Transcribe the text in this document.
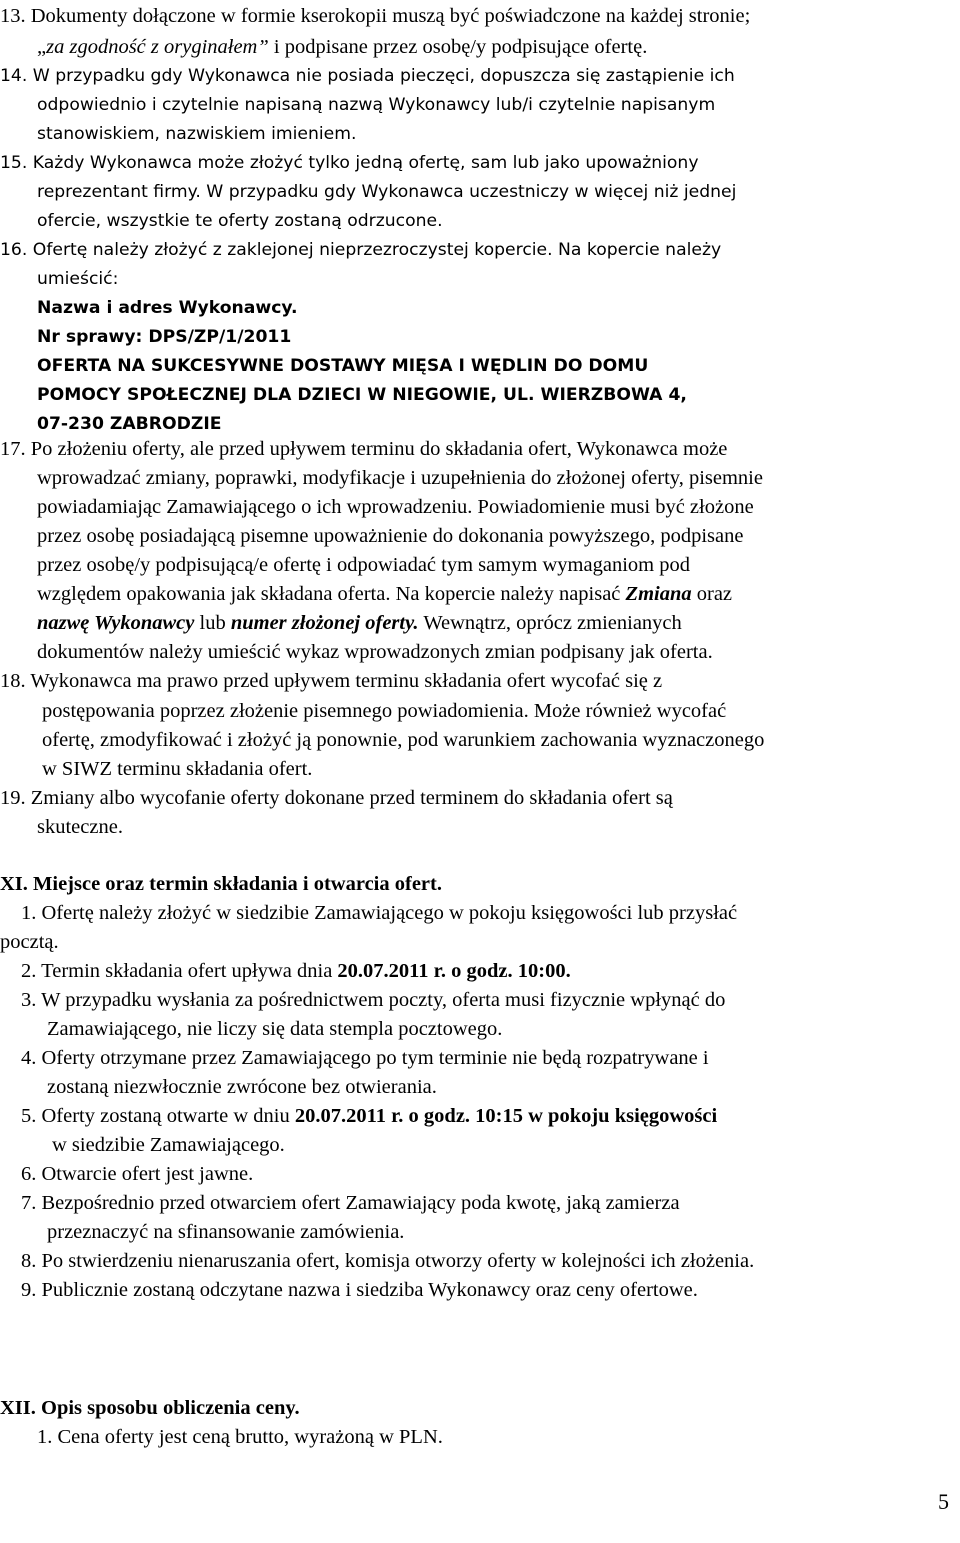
13. Dokumenty dołączone w formie kserokopii muszą być poświadczone na każdej stronie;
„za zgodność z oryginałem” i podpisane przez osobę/y podpisujące ofertę.
14. W przypadku gdy Wykonawca nie posiada pieczęci, dopuszcza się zastąpienie ich
odpowiednio i czytelnie napisaną nazwą Wykonawcy lub/i czytelnie napisanym
stanowiskiem, nazwiskiem imieniem.
15. Każdy Wykonawca może złożyć tylko jedną ofertę, sam lub jako upoważniony
reprezentant firmy. W przypadku gdy Wykonawca uczestniczy w więcej niż jednej
ofercie, wszystkie te oferty zostaną odrzucone.
16. Ofertę należy złożyć z zaklejonej nieprzezroczystej kopercie. Na kopercie należy
umieścić:
Nazwa i adres Wykonawcy.
Nr sprawy: DPS/ZP/1/2011
OFERTA NA SUKCESYWNE DOSTAWY MIĘSA I WĘDLIN DO DOMU
POMOCY SPOŁECZNEJ DLA DZIECI W NIEGOWIE, UL. WIERZBOWA 4,
07-230 ZABRODZIE
17. Po złożeniu oferty, ale przed upływem terminu do składania ofert, Wykonawca może
wprowadzać zmiany, poprawki, modyfikacje i uzupełnienia do złożonej oferty, pisemnie
powiadamiając Zamawiającego o ich wprowadzeniu. Powiadomienie musi być złożone
przez osobę posiadającą pisemne upoważnienie do dokonania powyższego, podpisane
przez osobę/y podpisującą/e ofertę i odpowiadać tym samym wymaganiom pod
względem opakowania jak składana oferta. Na kopercie należy napisać Zmiana oraz
nazwę Wykonawcy lub numer złożonej oferty. Wewnątrz, oprócz zmienianych
dokumentów należy umieścić wykaz wprowadzonych zmian podpisany jak oferta.
18. Wykonawca ma prawo przed upływem terminu składania ofert wycofać się z
postępowania poprzez złożenie pisemnego powiadomienia. Może również wycofać
ofertę, zmodyfikować i złożyć ją ponownie, pod warunkiem zachowania wyznaczonego
w SIWZ terminu składania ofert.
19. Zmiany albo wycofanie oferty dokonane przed terminem do składania ofert są
skuteczne.
XI. Miejsce oraz termin składania i otwarcia ofert.
1. Ofertę należy złożyć w siedzibie Zamawiającego w pokoju księgowości lub przysłać
pocztą.
2. Termin składania ofert upływa dnia 20.07.2011 r. o godz. 10:00.
3. W przypadku wysłania za pośrednictwem poczty, oferta musi fizycznie wpłynąć do
Zamawiającego, nie liczy się data stempla pocztowego.
4. Oferty otrzymane przez Zamawiającego po tym terminie nie będą rozpatrywane i
zostaną niezwłocznie zwrócone bez otwierania.
5. Oferty zostaną otwarte w dniu 20.07.2011 r. o godz. 10:15 w pokoju księgowości
w siedzibie Zamawiającego.
6. Otwarcie ofert jest jawne.
7. Bezpośrednio przed otwarciem ofert Zamawiający poda kwotę, jaką zamierza
przeznaczyć na sfinansowanie zamówienia.
8. Po stwierdzeniu nienaruszania ofert, komisja otworzy oferty w kolejności ich złożenia.
9. Publicznie zostaną odczytane nazwa i siedziba Wykonawcy oraz ceny ofertowe.
XII. Opis sposobu obliczenia ceny.
1. Cena oferty jest ceną brutto, wyrażoną w PLN.
5
